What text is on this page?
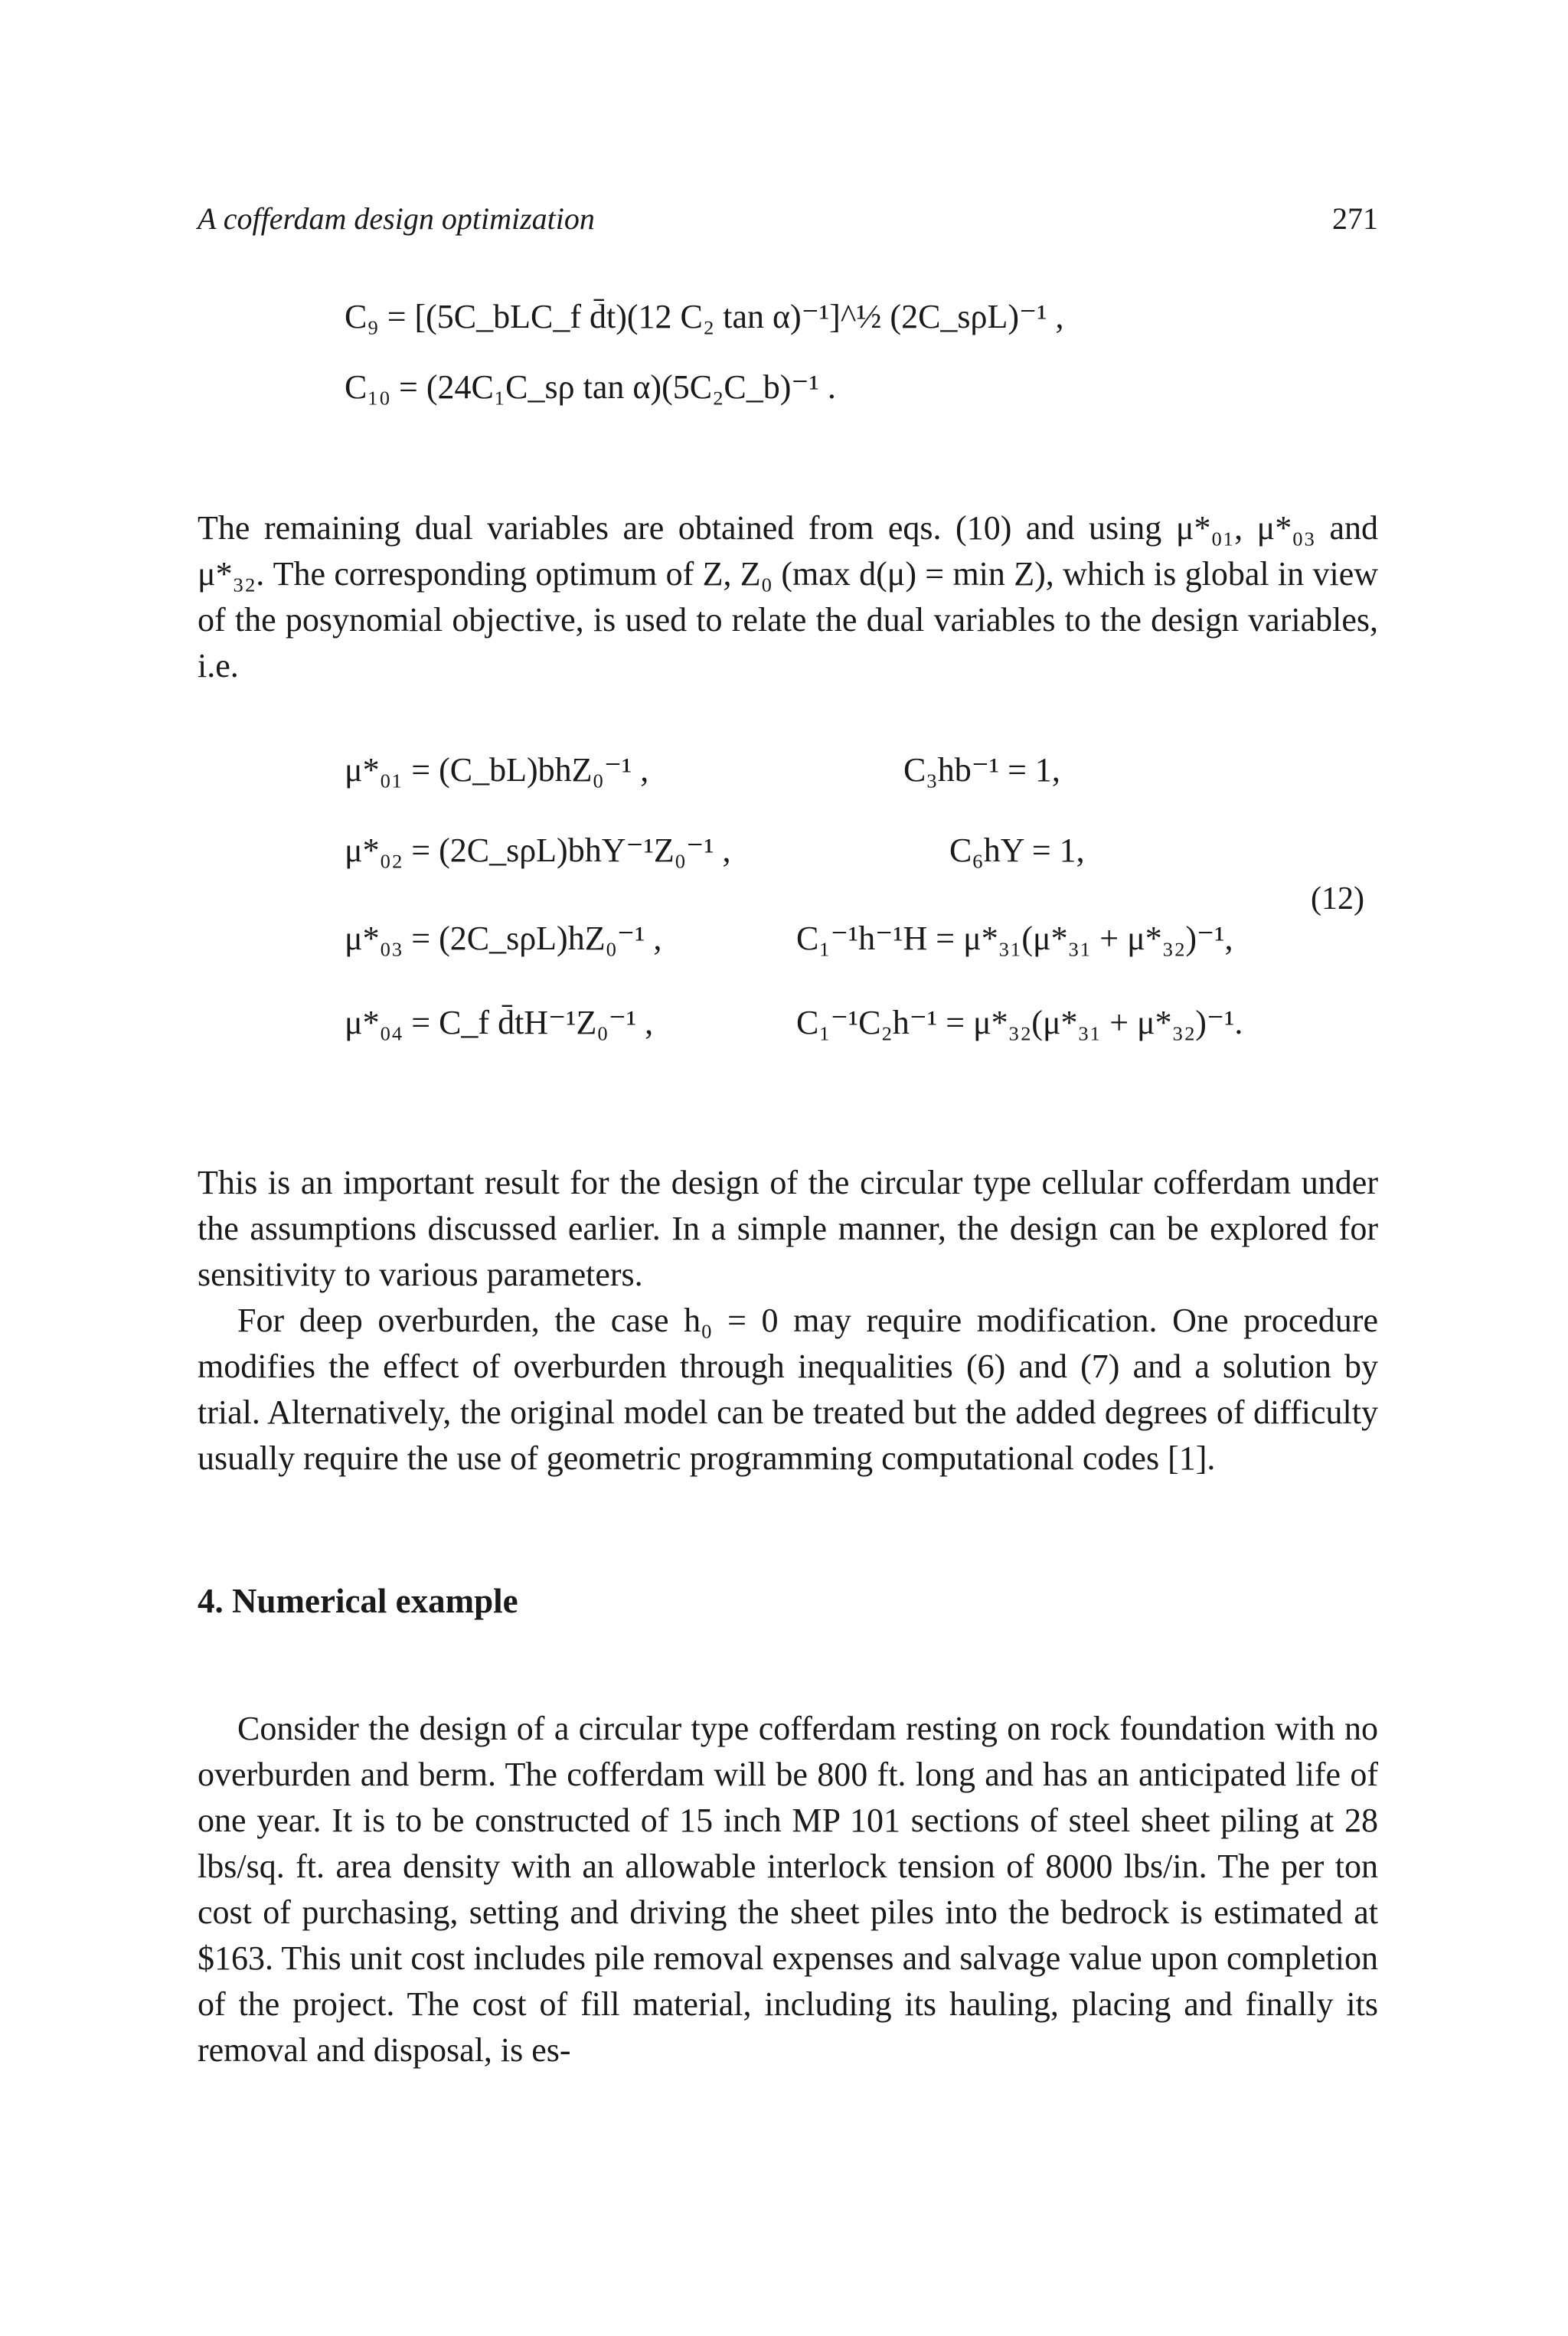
A cofferdam design optimization	271
C₉ = [(5C_bLC_f d̄t)(12 C₂ tan α)⁻¹]^½ (2C_sρL)⁻¹ ,
C₁₀ = (24C₁C_sρ tan α)(5C₂C_b)⁻¹ .

The remaining dual variables are obtained from eqs. (10) and using μ*₀₁, μ*₀₃ and μ*₃₂. The corresponding optimum of Z, Z₀ (max d(μ) = min Z), which is global in view of the posynomial objective, is used to relate the dual variables to the design variables, i.e.

μ*₀₁ = (C_bL)bhZ₀⁻¹ ,
μ*₀₂ = (2C_sρL)bhY⁻¹Z₀⁻¹ ,
μ*₀₃ = (2C_sρL)hZ₀⁻¹ ,
μ*₀₄ = C_f d̄tH⁻¹Z₀⁻¹ ,
C₃hb⁻¹ = 1,
C₆hY = 1,
C₁⁻¹h⁻¹H = μ*₃₁(μ*₃₁ + μ*₃₂)⁻¹,
C₁⁻¹C₂h⁻¹ = μ*₃₂(μ*₃₁ + μ*₃₂)⁻¹.
(12)

This is an important result for the design of the circular type cellular cofferdam under the assumptions discussed earlier. In a simple manner, the design can be explored for sensitivity to various parameters.

For deep overburden, the case h₀ = 0 may require modification. One procedure modifies the effect of overburden through inequalities (6) and (7) and a solution by trial. Alternatively, the original model can be treated but the added degrees of difficulty usually require the use of geometric programming computational codes [1].

4. Numerical example

Consider the design of a circular type cofferdam resting on rock foundation with no overburden and berm. The cofferdam will be 800 ft. long and has an anticipated life of one year. It is to be constructed of 15 inch MP 101 sections of steel sheet piling at 28 lbs/sq. ft. area density with an allowable interlock tension of 8000 lbs/in. The per ton cost of purchasing, setting and driving the sheet piles into the bedrock is estimated at $163. This unit cost includes pile removal expenses and salvage value upon completion of the project. The cost of fill material, including its hauling, placing and finally its removal and disposal, is es-
